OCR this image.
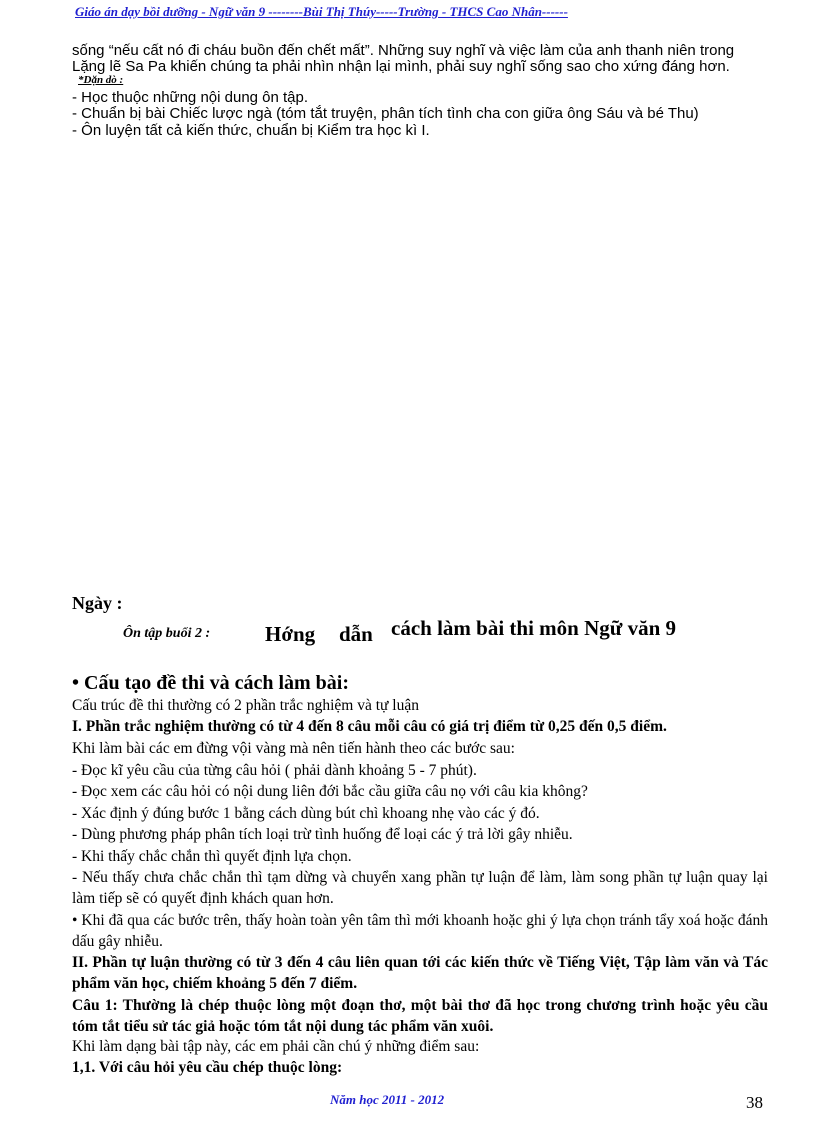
Giáo án dạy bồi dưỡng - Ngữ văn 9 --------Bùi Thị Thúy-----Trường - THCS Cao Nhân------
sống “nếu cất nó đi cháu buồn đến chết mất”. Những suy nghĩ và việc làm của anh thanh niên trong
Lặng lẽ Sa Pa khiến chúng ta phải nhìn nhận lại mình, phải suy nghĩ sống sao cho xứng đáng hơn.
*Dặn dò :
- Học thuộc những nội dung ôn tập.
- Chuẩn bị bài Chiếc lược ngà (tóm tắt truyện, phân tích tình cha con giữa ông Sáu và bé Thu)
- Ôn luyện tất cả kiến thức, chuẩn bị Kiểm tra học kì I.
Ngày :
Ôn tập buổi 2 :	Hớng dẫn cách làm bài thi môn Ngữ văn 9
• Cấu tạo đề thi và cách làm bài:
Cấu trúc đề thi thường có 2 phần trắc nghiệm và tự luận
I. Phần trắc nghiệm thường có từ 4 đến 8 câu mỗi câu có giá trị điểm từ 0,25 đến 0,5 điểm.
Khi làm bài các em đừng vội vàng mà nên tiến hành theo các bước sau:
- Đọc kĩ yêu cầu của từng câu hỏi ( phải dành khoảng 5 - 7 phút).
- Đọc xem các câu hỏi có nội dung liên đới bắc cầu giữa câu nọ với câu kia không?
- Xác định ý đúng bước 1 bằng cách dùng bút chì khoang nhẹ vào các ý đó.
- Dùng phương pháp phân tích loại trừ tình huống để loại các ý trả lời gây nhiễu.
- Khi thấy chắc chắn thì quyết định lựa chọn.
- Nếu thấy chưa chắc chắn thì tạm dừng và chuyển xang phần tự luận để làm, làm song phần tự luận quay lại làm tiếp sẽ có quyết định khách quan hơn.
• Khi đã qua các bước trên, thấy hoàn toàn yên tâm thì mới khoanh hoặc ghi ý lựa chọn tránh tẩy xoá hoặc đánh dấu gây nhiễu.
II. Phần tự luận thường có từ 3 đến 4 câu liên quan tới các kiến thức về Tiếng Việt, Tập làm văn và Tác phẩm văn học, chiếm khoảng 5 đến 7 điểm.
Câu 1: Thường là chép thuộc lòng một đoạn thơ, một bài thơ đã học trong chương trình hoặc yêu cầu tóm tắt tiểu sử tác giả hoặc tóm tắt nội dung tác phẩm văn xuôi.
Khi làm dạng bài tập này, các em phải cần chú ý những điểm sau:
1,1. Với câu hỏi yêu cầu chép thuộc lòng:
Năm học 2011 - 2012	38
